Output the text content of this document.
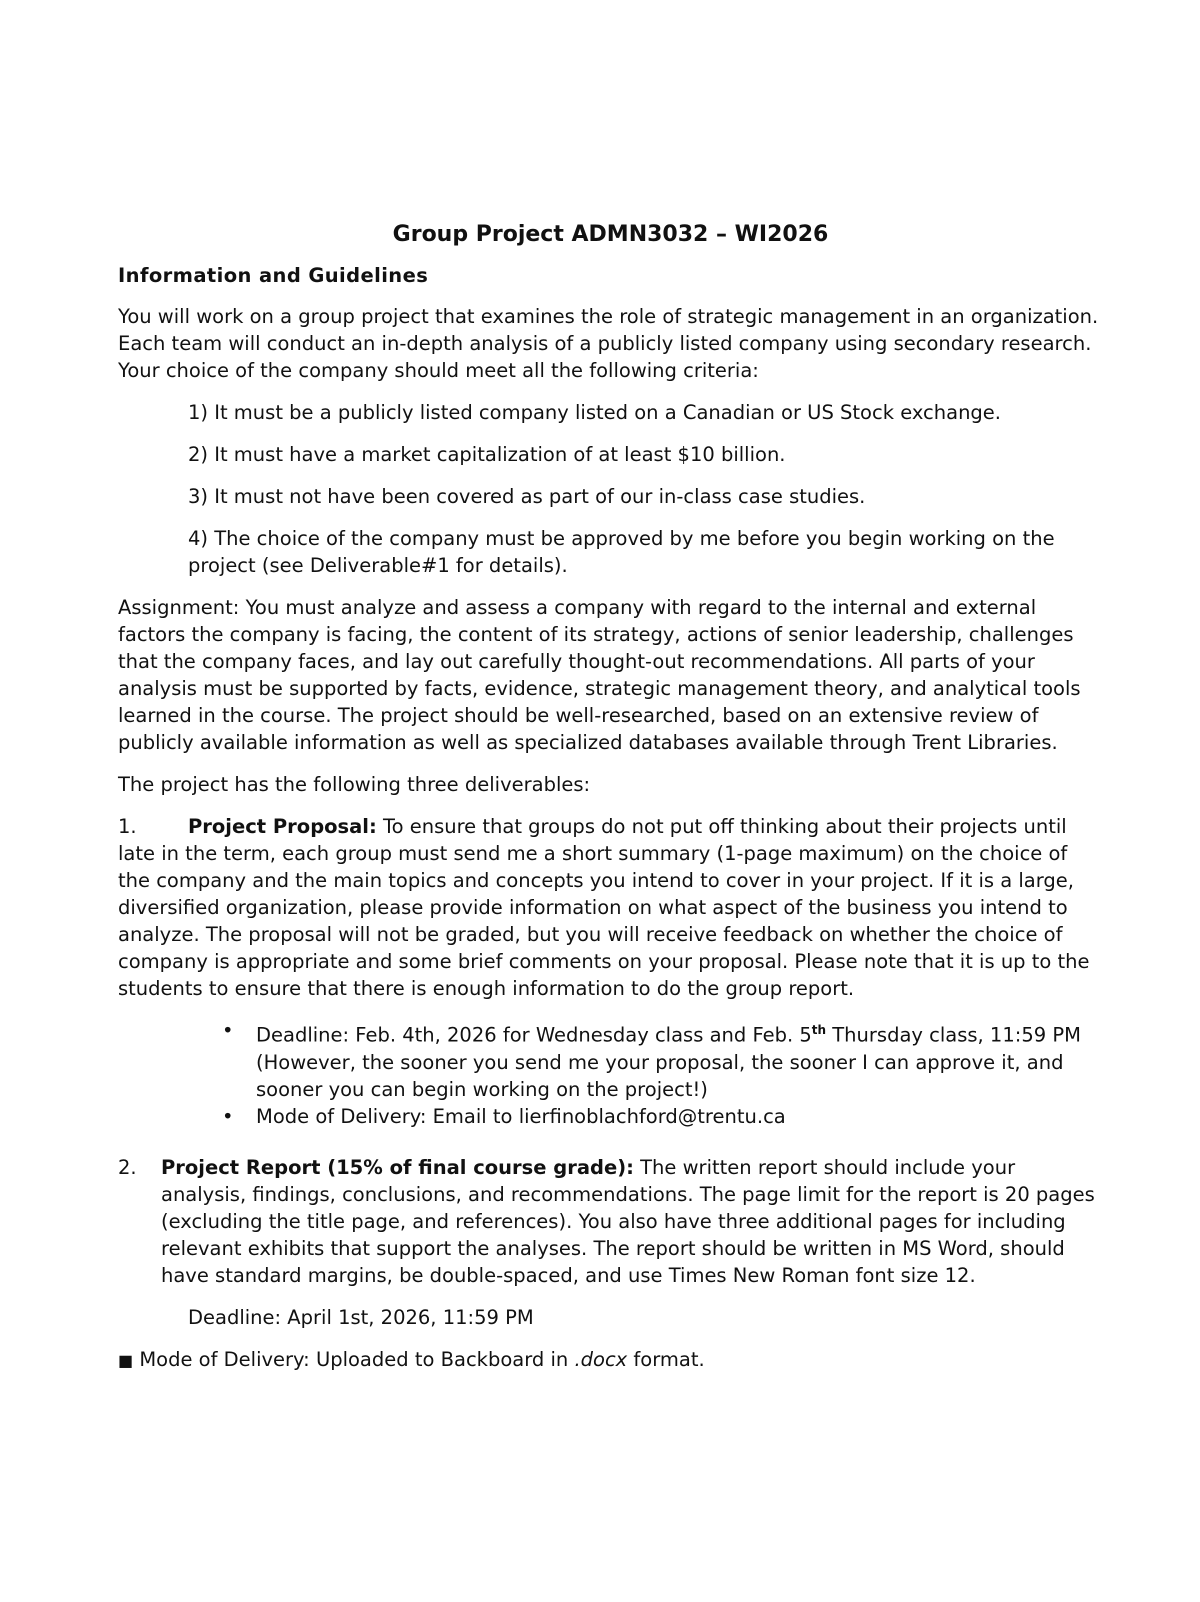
Group Project ADMN3032 – WI2026
Information and Guidelines

You will work on a group project that examines the role of strategic management in an organization. Each team will conduct an in-depth analysis of a publicly listed company using secondary research. Your choice of the company should meet all the following criteria:

1) It must be a publicly listed company listed on a Canadian or US Stock exchange.

2) It must have a market capitalization of at least $10 billion.

3) It must not have been covered as part of our in-class case studies.

4) The choice of the company must be approved by me before you begin working on the project (see Deliverable#1 for details).

Assignment: You must analyze and assess a company with regard to the internal and external factors the company is facing, the content of its strategy, actions of senior leadership, challenges that the company faces, and lay out carefully thought-out recommendations. All parts of your analysis must be supported by facts, evidence, strategic management theory, and analytical tools learned in the course. The project should be well-researched, based on an extensive review of publicly available information as well as specialized databases available through Trent Libraries.

The project has the following three deliverables:

1.	Project Proposal: To ensure that groups do not put off thinking about their projects until late in the term, each group must send me a short summary (1-page maximum) on the choice of the company and the main topics and concepts you intend to cover in your project. If it is a large, diversified organization, please provide information on what aspect of the business you intend to analyze. The proposal will not be graded, but you will receive feedback on whether the choice of company is appropriate and some brief comments on your proposal. Please note that it is up to the students to ensure that there is enough information to do the group report.

• Deadline: Feb. 4th, 2026 for Wednesday class and Feb. 5th Thursday class, 11:59 PM (However, the sooner you send me your proposal, the sooner I can approve it, and sooner you can begin working on the project!)
• Mode of Delivery: Email to lierfinoblachford@trentu.ca

2. Project Report (15% of final course grade): The written report should include your analysis, findings, conclusions, and recommendations. The page limit for the report is 20 pages (excluding the title page, and references). You also have three additional pages for including relevant exhibits that support the analyses. The report should be written in MS Word, should have standard margins, be double-spaced, and use Times New Roman font size 12.

Deadline: April 1st, 2026, 11:59 PM

■ Mode of Delivery: Uploaded to Backboard in .docx format.
